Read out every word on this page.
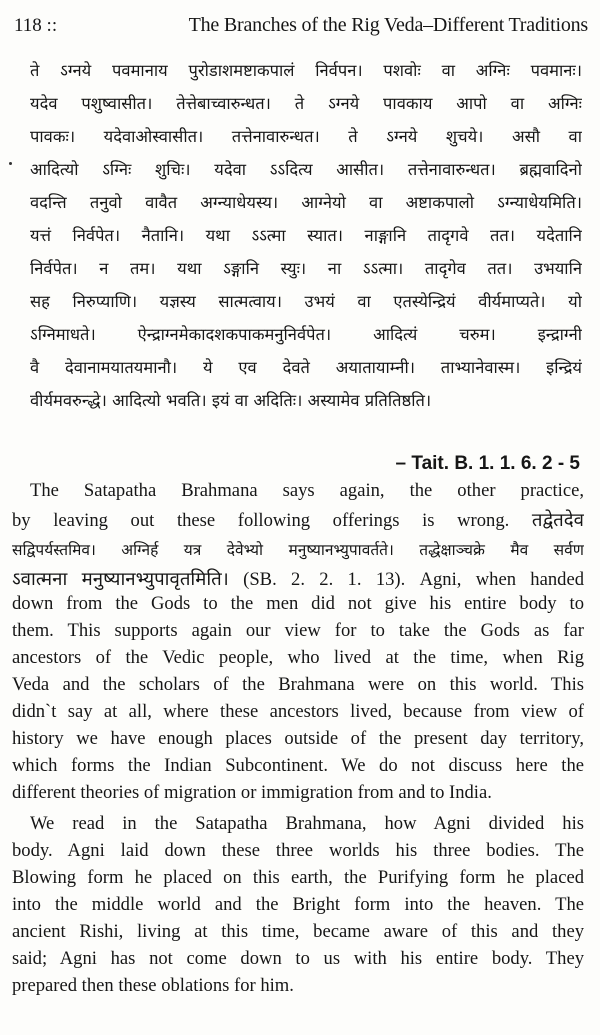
118 ::	The Branches of the Rig Veda–Different Traditions
ते ऽग्नये पवमानाय पुरोडाशमष्टाकपालं निर्वपन। पशवोः वा अग्निः पवमानः।
यदेव पशुष्वासीत। तेत्तेबाच्वारुन्धत। ते ऽग्नये पावकाय आपो वा अग्निः
पावकः। यदेवाओस्वासीत। तत्तेनावारुन्धत। ते ऽग्नये शुचये। असौ वा
आदित्यो ऽग्निः शुचिः। यदेवा ऽऽदित्य आसीत। तत्तेनावारुन्धत। ब्रह्मवादिनो
वदन्ति तनुवो वावैत अग्न्याधेयस्य। आग्नेयो वा अष्टाकपालो ऽग्न्याधेयमिति।
यत्तं निर्वपेत। नैतानि। यथा ऽऽत्मा स्यात। नाङ्गानि तादृगवे तत। यदेतानि
निर्वपेत। न तम। यथा ऽङ्गानि स्युः। ना ऽऽत्मा। तादृगेव तत। उभयानि
सह निरुप्याणि। यज्ञस्य सात्मत्वाय। उभयं वा एतस्येन्द्रियं वीर्यमाप्यते। यो
ऽग्निमाधते। ऐन्द्राग्नमेकादशकपाकमनुनिर्वपेत। आदित्यं चरुम। इन्द्राग्नी
वै देवानामयातयमानौ। ये एव देवते अयातायाम्नी। ताभ्यानेवास्म। इन्द्रियं
वीर्यमवरुन्द्धे। आदित्यो भवति। इयं वा अदितिः। अस्यामेव प्रतितिष्ठति।
– Tait. B. 1. 1. 6. 2 - 5
The Satapatha Brahmana says again, the other practice,
by leaving out these following offerings is wrong. तद्वेतदेव
सद्विपर्यस्तमिव। अग्निर्ह यत्र देवेभ्यो मनुष्यानभ्युपावर्तते। तद्धेक्षाञ्चक्रे मैव सर्वण
ऽवात्मना मनुष्यानभ्युपावृतमिति। (SB. 2. 2. 1. 13). Agni, when handed
down from the Gods to the men did not give his entire body to
them. This supports again our view for to take the Gods as far
ancestors of the Vedic people, who lived at the time, when Rig
Veda and the scholars of the Brahmana were on this world. This
didn`t say at all, where these ancestors lived, because from view of
history we have enough places outside of the present day territory,
which forms the Indian Subcontinent. We do not discuss here the
different theories of migration or immigration from and to India.
We read in the Satapatha Brahmana, how Agni divided his
body. Agni laid down these three worlds his three bodies. The
Blowing form he placed on this earth, the Purifying form he placed
into the middle world and the Bright form into the heaven. The
ancient Rishi, living at this time, became aware of this and they
said; Agni has not come down to us with his entire body. They
prepared then these oblations for him.
